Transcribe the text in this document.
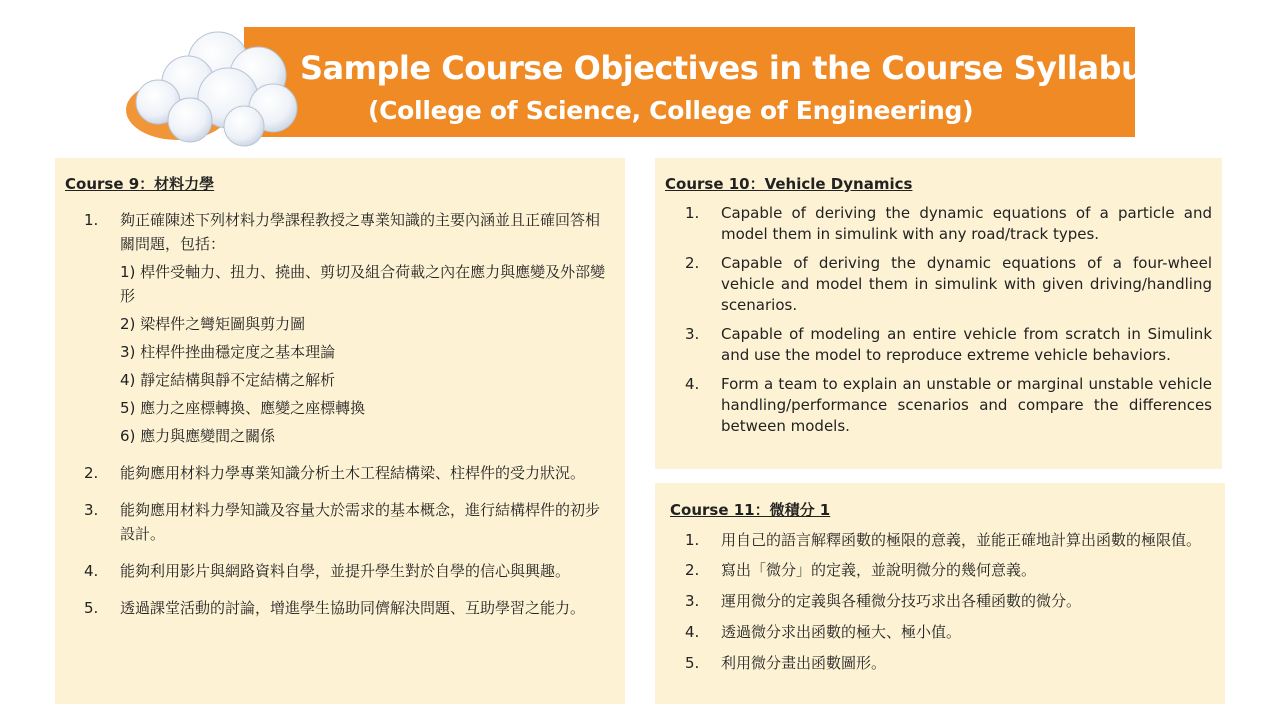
Sample Course Objectives in the Course Syllabus
(College of Science, College of Engineering)
Course 9：材料力學
1. 夠正確陳述下列材料力學課程教授之專業知識的主要內涵並且正確回答相關問題，包括：
1) 桿件受軸力、扭力、撓曲、剪切及組合荷載之內在應力與應變及外部變形
2) 梁桿件之彎矩圖與剪力圖
3) 柱桿件挫曲穩定度之基本理論
4) 靜定結構與靜不定結構之解析
5) 應力之座標轉換、應變之座標轉換
6) 應力與應變間之關係
2. 能夠應用材料力學專業知識分析土木工程結構梁、柱桿件的受力狀況。
3. 能夠應用材料力學知識及容量大於需求的基本概念，進行結構桿件的初步設計。
4. 能夠利用影片與網路資料自學，並提升學生對於自學的信心與興趣。
5. 透過課堂活動的討論，增進學生協助同儕解決問題、互助學習之能力。
Course 10：Vehicle Dynamics
1. Capable of deriving the dynamic equations of a particle and model them in simulink with any road/track types.
2. Capable of deriving the dynamic equations of a four-wheel vehicle and model them in simulink with given driving/handling scenarios.
3. Capable of modeling an entire vehicle from scratch in Simulink and use the model to reproduce extreme vehicle behaviors.
4. Form a team to explain an unstable or marginal unstable vehicle handling/performance scenarios and compare the differences between models.
Course 11：微積分 1
1. 用自己的語言解釋函數的極限的意義，並能正確地計算出函數的極限值。
2. 寫出「微分」的定義，並說明微分的幾何意義。
3. 運用微分的定義與各種微分技巧求出各種函數的微分。
4. 透過微分求出函數的極大、極小值。
5. 利用微分畫出函數圖形。
